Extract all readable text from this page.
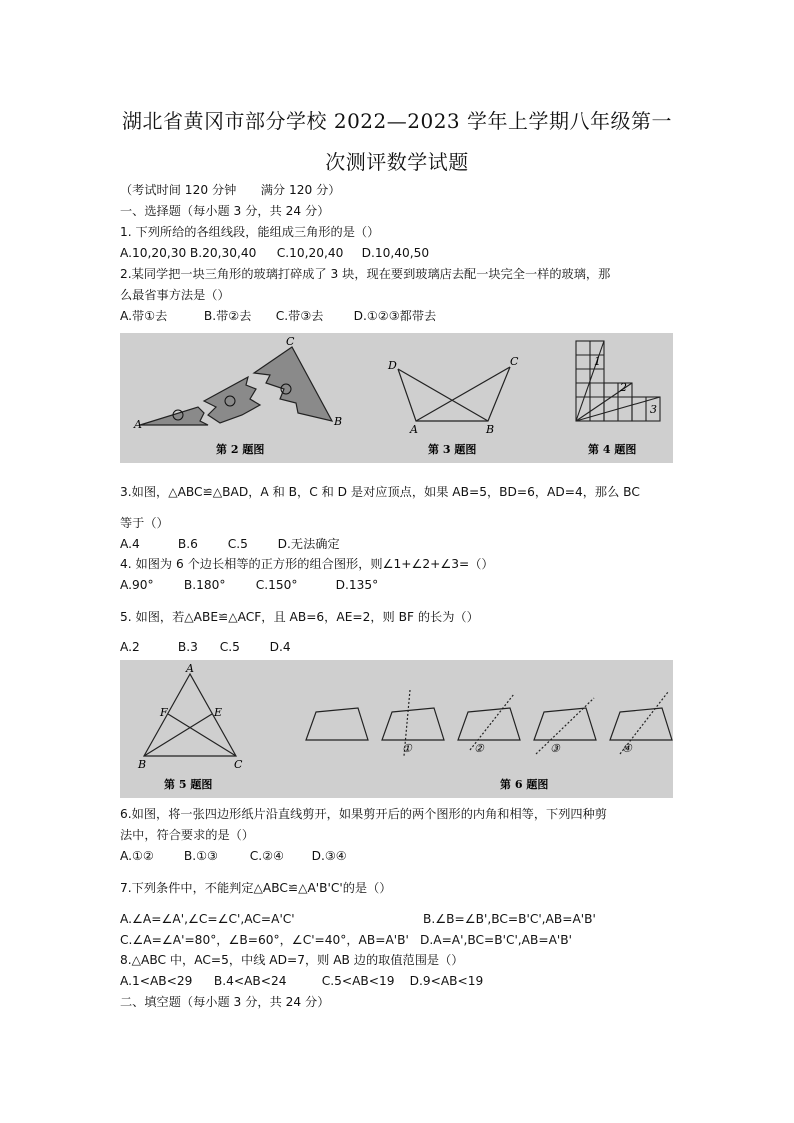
湖北省黄冈市部分学校 2022—2023 学年上学期八年级第一
次测评数学试题
（考试时间 120 分钟　　满分 120 分）
一、选择题（每小题 3 分，共 24 分）
1. 下列所给的各组线段，能组成三角形的是（）
A.10,20,30 B.20,30,40 C.10,20,40 D.10,40,50
2.某同学把一块三角形的玻璃打碎成了 3 块，现在要到玻璃店去配一块完全一样的玻璃，那
么最省事方法是（）
A.带①去	B.带②去 C.带③去 D.①②③都带去
A	B
C
第 2 题图
D	C
A	B
第 3 题图
1
2
3
第 4 题图
3.如图，△ABC≌△BAD，A 和 B，C 和 D 是对应顶点，如果 AB=5，BD=6，AD=4，那么 BC
等于（）
A.4	B.6 C.5 D.无法确定
4. 如图为 6 个边长相等的正方形的组合图形，则∠1+∠2+∠3=（）
A.90° B.180° C.150°	D.135°
5. 如图，若△ABE≌△ACF，且 AB=6，AE=2，则 BF 的长为（）
A.2	B.3 C.5 D.4
A
F	E
B	C
第 5 题图
①	②	③	④
第 6 题图
6.如图，将一张四边形纸片沿直线剪开，如果剪开后的两个图形的内角和相等，下列四种剪
法中，符合要求的是（）
A.①② B.①③	C.②④ D.③④
7.下列条件中，不能判定△ABC≌△A'B'C'的是（）
A.∠A=∠A',∠C=∠C',AC=A'C'	B.∠B=∠B',BC=B'C',AB=A'B'
C.∠A=∠A'=80°，∠B=60°，∠C'=40°，AB=A'B' D.A=A',BC=B'C',AB=A'B'
8.△ABC 中，AC=5，中线 AD=7，则 AB 边的取值范围是（）
A.1<AB<29 B.4<AB<24	C.5<AB<19 D.9<AB<19
二、填空题（每小题 3 分，共 24 分）
